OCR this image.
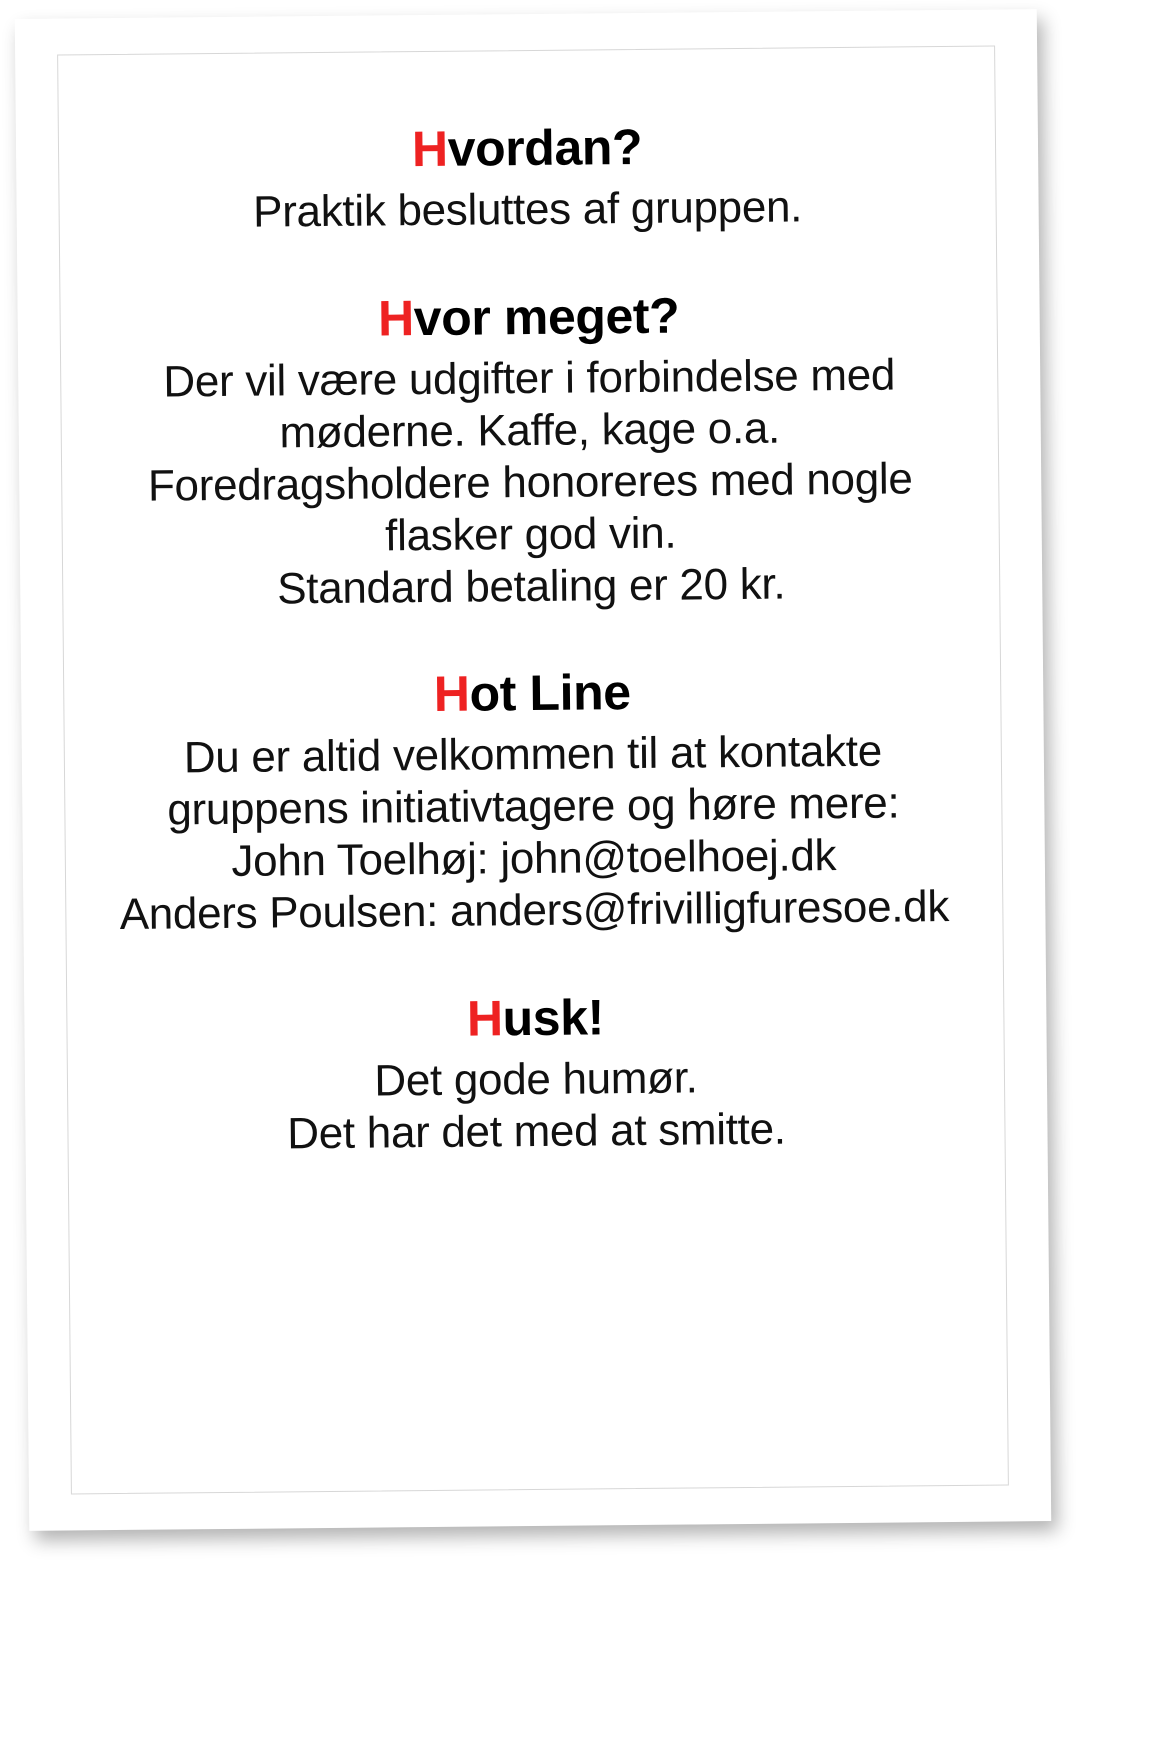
Hvordan?

Praktik besluttes af gruppen.

Hvor meget?

Der vil være udgifter i forbindelse med

møderne. Kaffe, kage o.a.

Foredragsholdere honoreres med nogle

flasker god vin.

Standard betaling er 20 kr.

Hot Line

Du er altid velkommen til at kontakte

gruppens initiativtagere og høre mere:

John Toelhøj: john@toelhoej.dk

Anders Poulsen: anders@frivilligfuresoe.dk

Husk!

Det gode humør.

Det har det med at smitte.
